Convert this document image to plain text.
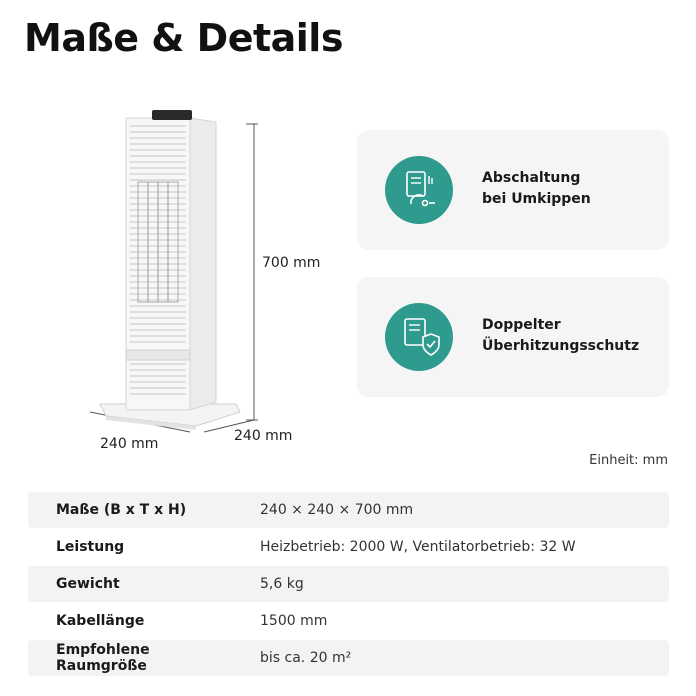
Maße & Details
700 mm
240 mm	240 mm
Abschaltung
bei Umkippen
Doppelter
Überhitzungsschutz
Einheit: mm
Maße (B x T x H)	240 × 240 × 700 mm
Leistung	Heizbetrieb: 2000 W, Ventilatorbetrieb: 32 W
Gewicht	5,6 kg
Kabellänge	1500 mm
Empfohlene Raumgröße	bis ca. 20 m²
